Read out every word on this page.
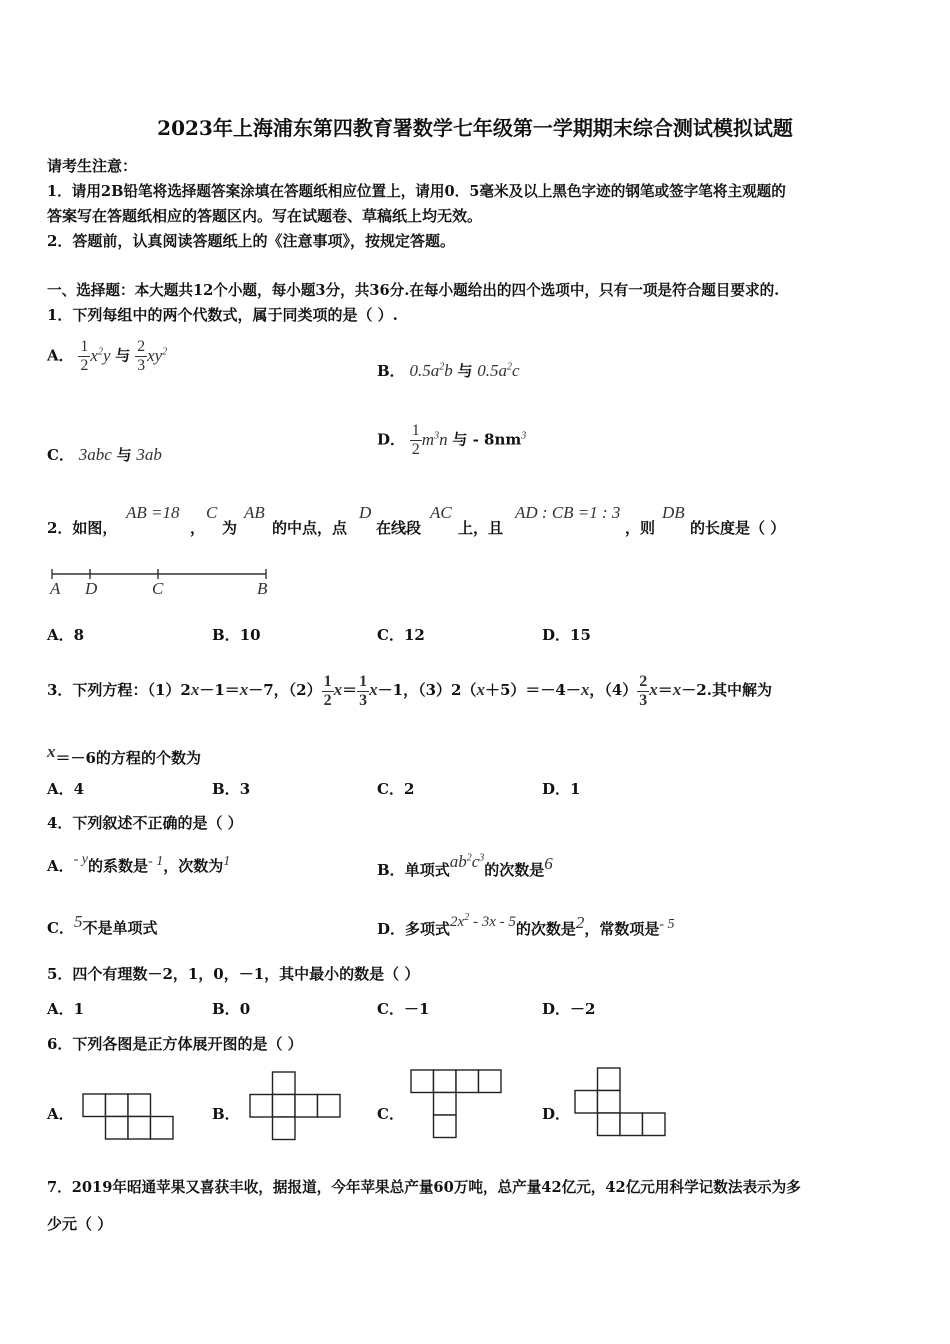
2023年上海浦东第四教育署数学七年级第一学期期末综合测试模拟试题
请考生注意：
1．请用2B铅笔将选择题答案涂填在答题纸相应位置上，请用0．5毫米及以上黑色字迹的钢笔或签字笔将主观题的
答案写在答题纸相应的答题区内。写在试题卷、草稿纸上均无效。
2．答题前，认真阅读答题纸上的《注意事项》，按规定答题。
一、选择题：本大题共12个小题，每小题3分，共36分.在每小题给出的四个选项中，只有一项是符合题目要求的.
1．下列每组中的两个代数式，属于同类项的是（ ）.
A． $\frac{1}{2} x^2y$ 与 $\frac{2}{3} xy^2$
B． $0.5a^2b$ 与 $0.5a^2c$
C． 3abc 与 3ab
D． $\frac{1}{2} m^3n$ 与 - $8nm^3$
2．如图，
AB =18
，
C
为
AB
的中点，点
D
在线段
AC
上，且
AD : CB =1 : 3
，则
DB
的长度是（ ）
A D	C	B
A．8	B．10	C．12	D．15
3．下列方程：（1）2x－1＝x－7，$(2) \frac{1}{2} x= \frac{1}{3} x-1$，（3）2（x＋5）＝－4－x，$(4) \frac{2}{3} x=x-2$.其中解为
x＝－6的方程的个数为
A．4	B．3	C．2	D．1
4．下列叙述不正确的是（ ）
A．- y的系数是- 1，次数为1	B．单项式$ab^2c^3$的次数是6
C．5不是单项式	D．多项式$2x^2 - 3x - 5$的次数是2，常数项是- 5
5．四个有理数－2，1，0，－1，其中最小的数是（ ）
A．1	B．0	C．－1	D．－2
6．下列各图是正方体展开图的是（ ）
A．	B．	C．	D．
7．2019年昭通苹果又喜获丰收，据报道，今年苹果总产量60万吨，总产量42亿元，42亿元用科学记数法表示为多
少元（ ）
